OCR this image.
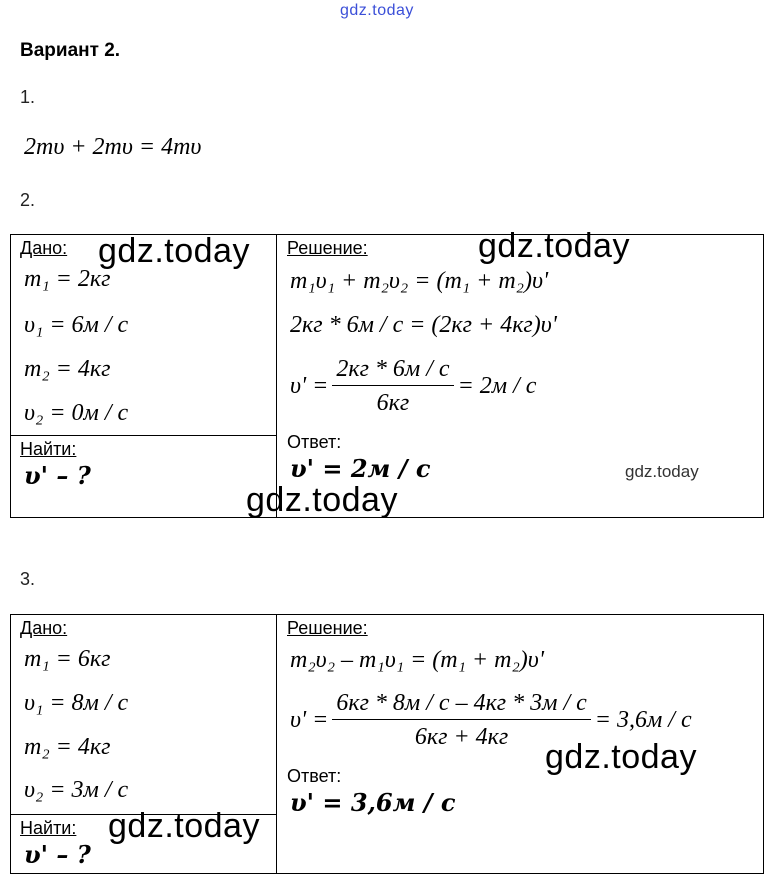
gdz.today
Вариант 2.
1.
2mυ + 2mυ = 4mυ
2.
Дано:
m₁ = 2кг
υ₁ = 6м / с
m₂ = 4кг
υ₂ = 0м / с
Найти:
υ' – ?
Решение:
m₁υ₁ + m₂υ₂ = (m₁ + m₂)υ'
2кг * 6м / с = (2кг + 4кг)υ'
$\upsilon' = \frac{2кг * 6м / с}{6кг} = 2м / с$
Ответ:
υ' = 2м / с
gdz.today	gdz.today
gdz.today
gdz.today
3.
Дано:
m₁ = 6кг
υ₁ = 8м / с
m₂ = 4кг
υ₂ = 3м / с
Найти:
υ' – ?
Решение:
m₂υ₂ – m₁υ₁ = (m₁ + m₂)υ'
$\upsilon' = \frac{6кг * 8м / с - 4кг * 3м / с}{6кг + 4кг} = 3,6м / с$
Ответ:
υ' = 3,6м / с
gdz.today
gdz.today
